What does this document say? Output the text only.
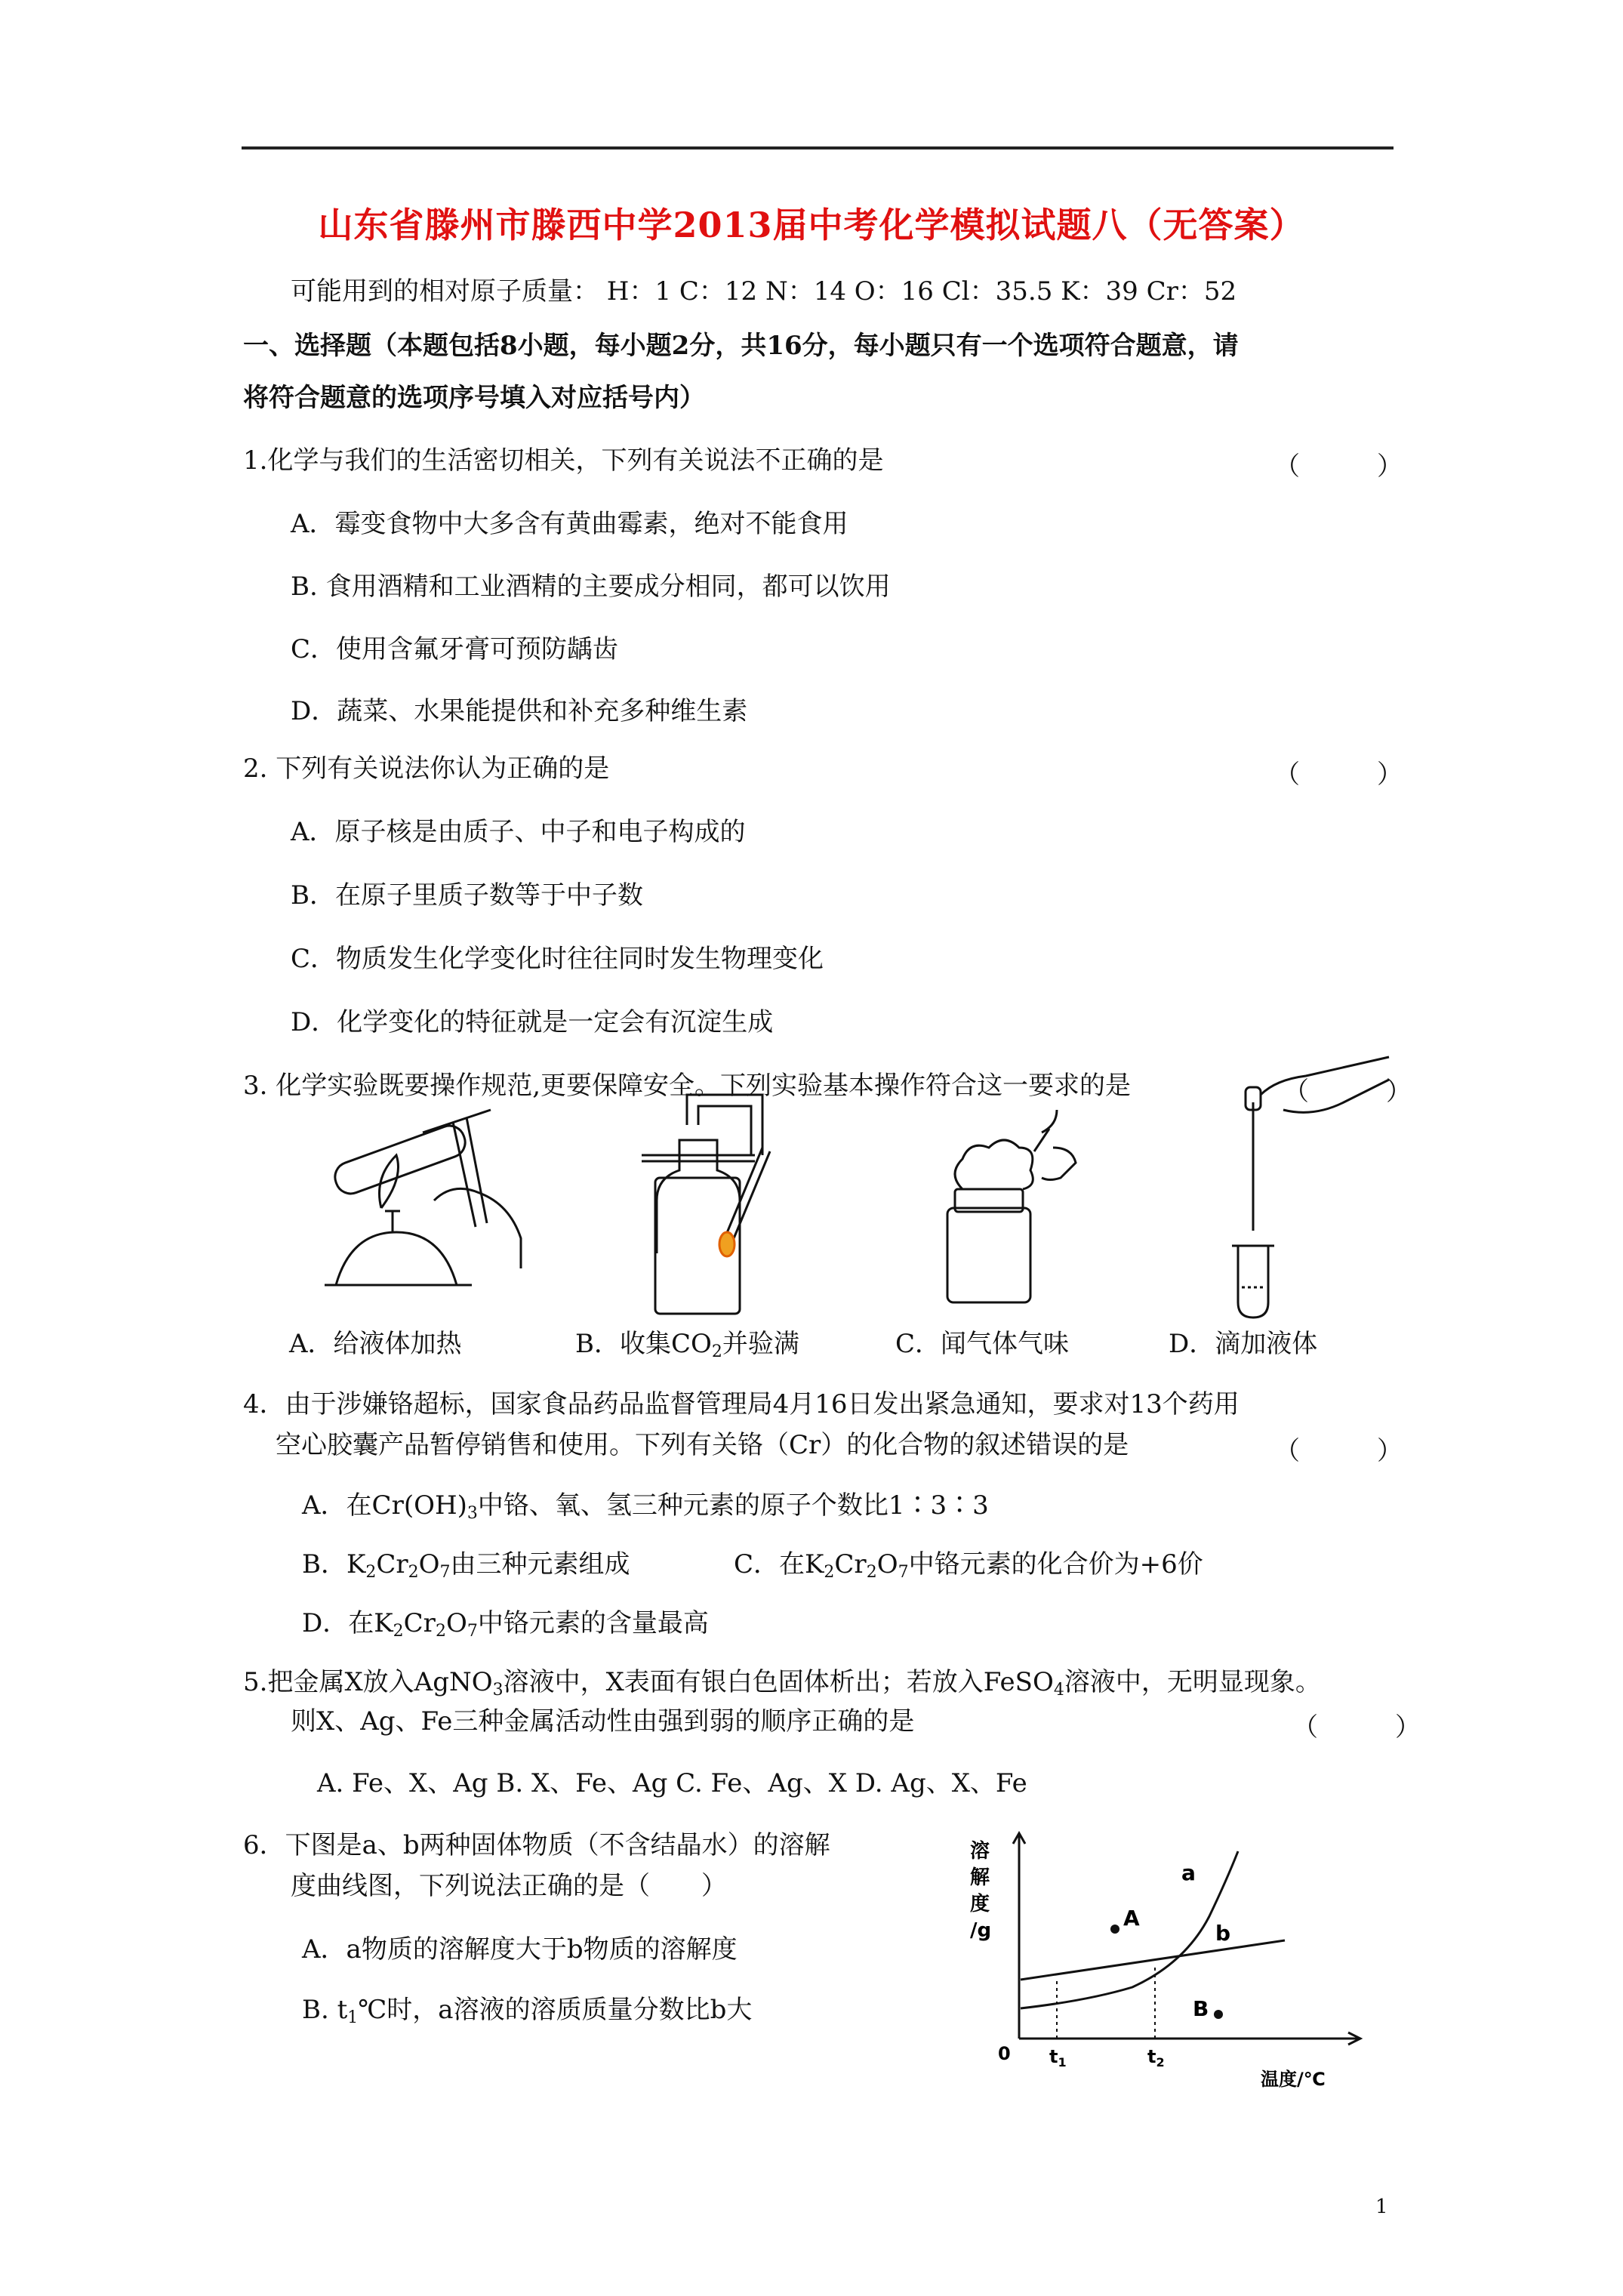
山东省滕州市滕西中学2013届中考化学模拟试题八（无答案）
可能用到的相对原子质量： H：1 C：12 N：14 O：16 Cl：35.5 K：39 Cr：52
一、选择题（本题包括8小题，每小题2分，共16分，每小题只有一个选项符合题意，请
将符合题意的选项序号填入对应括号内）
1.化学与我们的生活密切相关，下列有关说法不正确的是	（　　　）
A．霉变食物中大多含有黄曲霉素，绝对不能食用
B. 食用酒精和工业酒精的主要成分相同，都可以饮用
C．使用含氟牙膏可预防龋齿
D．蔬菜、水果能提供和补充多种维生素
2. 下列有关说法你认为正确的是	（　　　）
A．原子核是由质子、中子和电子构成的
B．在原子里质子数等于中子数
C．物质发生化学变化时往往同时发生物理变化
D．化学变化的特征就是一定会有沉淀生成
3. 化学实验既要操作规范,更要保障安全。下列实验基本操作符合这一要求的是	（　　　）
A．给液体加热	B．收集$CO_2$并验满	C．闻气体气味	D．滴加液体
4．由于涉嫌铬超标，国家食品药品监督管理局4月16日发出紧急通知，要求对13个药用
空心胶囊产品暂停销售和使用。下列有关铬（Cr）的化合物的叙述错误的是	（　　　）
A．在$Cr(OH)_3$中铬、氧、氢三种元素的原子个数比1∶3∶3
B．$K_2Cr_2O_7$由三种元素组成	C．在$K_2Cr_2O_7$中铬元素的化合价为+6价
D．在$K_2Cr_2O_7$中铬元素的含量最高
5.把金属X放入AgNO$_3$溶液中，X表面有银白色固体析出；若放入FeSO$_4$溶液中，无明显现象。
则X、Ag、Fe三种金属活动性由强到弱的顺序正确的是	（　　　）
A. Fe、X、Ag B. X、Fe、Ag C. Fe、Ag、X D. Ag、X、Fe
6．下图是a、b两种固体物质（不含结晶水）的溶解
度曲线图，下列说法正确的是（　　）
A．a物质的溶解度大于b物质的溶解度
B. $t_1℃$时，a溶液的溶质质量分数比b大
溶
解
度
/g
0 $t_1$	$t_2$
温度/℃
a
b
A
B
1
